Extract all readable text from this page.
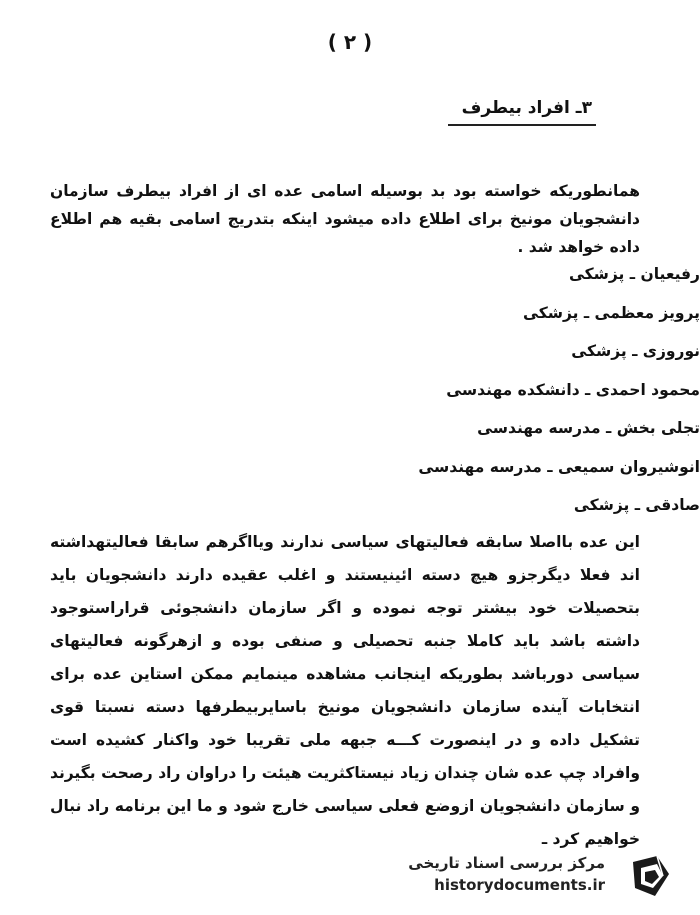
( ۲ )
۳ـ افراد بیطرف
همانطوریکه خواسته بود بد بوسیله اسامی عده ای از افراد بیطرف سازمان دانشجویان مونیخ برای اطلاع داده میشود اینکه بتدریج اسامی بقیه هم اطلاع داده خواهد شد .
رفیعیان ـ پزشکی
پرویز معظمی ـ پزشکی
نوروزی ـ پزشکی
محمود احمدی ـ دانشکده مهندسی
تجلی بخش ـ مدرسه مهندسی
انوشیروان سمیعی ـ مدرسه مهندسی
صادقی ـ پزشکی
این عده بااصلا سابقه فعالیتهای سیاسی ندارند ویااگرهم سابقا فعالیتهداشته اند فعلا دیگرجزو هیچ دسته ائینیستند و اغلب عقیده دارند دانشجویان باید بتحصیلات خود بیشتر توجه نموده و اگر سازمان دانشجوئی قراراستوجود داشته باشد باید کاملا جنبه تحصیلی و صنفی بوده و ازهرگونه فعالیتهای سیاسی دورباشد بطوریکه اینجانب مشاهده مینمایم ممکن استاین عده برای انتخابات آینده سازمان دانشجویان مونیخ باسایربیطرفها دسته نسبتا قوی تشکیل داده و در اینصورت کـــه جبهه ملی تقریبا خود واکنار کشیده است وافراد چپ عده شان چندان زیاد نیستاکثریت هیئت را دراوان راد رصحت بگیرند و سازمان دانشجویان ازوضع فعلی سیاسی خارج شود و ما این برنامه راد نبال خواهیم کرد ـ
مرکز بررسی اسناد تاریخی
historydocuments.ir
